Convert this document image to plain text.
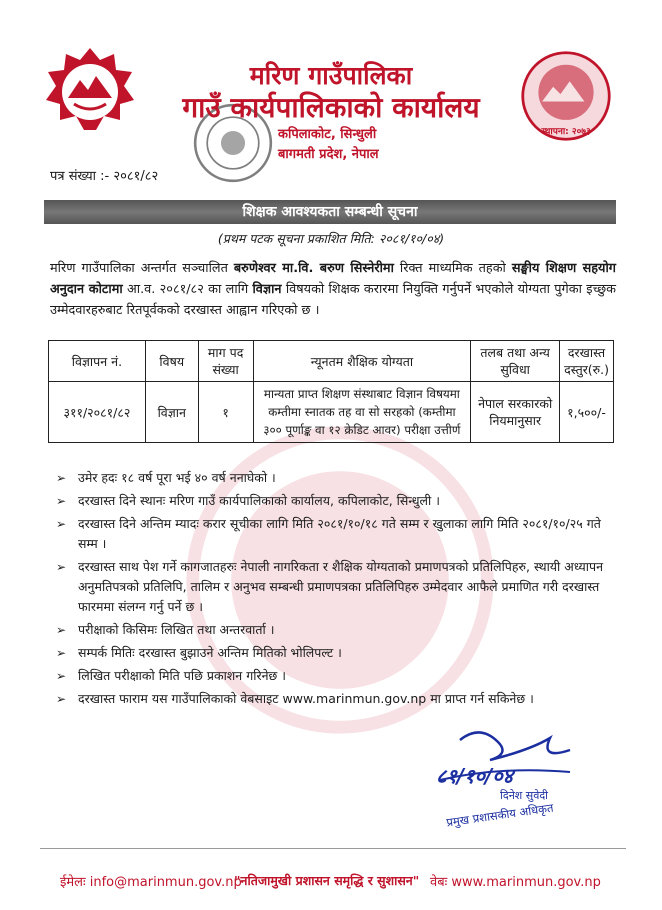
स्थापना: २०७३
मरिण गाउँपालिका
गाउँ कार्यपालिकाको कार्यालय
कपिलाकोट, सिन्धुली
बागमती प्रदेश, नेपाल
पत्र संख्या :- २०८१/८२
शिक्षक आवश्यकता सम्बन्धी सूचना
(प्रथम पटक सूचना प्रकाशित मिति: २०८१/१०/०४)
मरिण गाउँपालिका अन्तर्गत सञ्चालित बरुणेश्वर मा.वि. बरुण सिस्नेरीमा रिक्त माध्यमिक तहको सङ्घीय शिक्षण सहयोग अनुदान कोटामा आ.व. २०८१/८२ का लागि विज्ञान विषयको शिक्षक करारमा नियुक्ति गर्नुपर्ने भएकोले योग्यता पुगेका इच्छुक उम्मेदवारहरुबाट रितपूर्वकको दरखास्त आह्वान गरिएको छ ।
विज्ञापन नं.	विषय	माग पद संख्या	न्यूनतम शैक्षिक योग्यता	तलब तथा अन्य सुविधा	दरखास्त दस्तुर(रु.)
३११/२०८१/८२	विज्ञान	१	मान्यता प्राप्त शिक्षण संस्थाबाट विज्ञान विषयमा कम्तीमा स्नातक तह वा सो सरहको (कम्तीमा ३०० पूर्णाङ्क वा १२ क्रेडिट आवर) परीक्षा उत्तीर्ण	नेपाल सरकारको नियमानुसार	१,५००/-
➢ उमेर हदः १८ वर्ष पूरा भई ४० वर्ष ननाघेको ।
➢ दरखास्त दिने स्थानः मरिण गाउँ कार्यपालिकाको कार्यालय, कपिलाकोट, सिन्धुली ।
➢ दरखास्त दिने अन्तिम म्यादः करार सूचीका लागि मिति २०८१/१०/१८ गते सम्म र खुलाका लागि मिति २०८१/१०/२५ गते सम्म ।
➢ दरखास्त साथ पेश गर्ने कागजातहरुः नेपाली नागरिकता र शैक्षिक योग्यताको प्रमाणपत्रको प्रतिलिपिहरु, स्थायी अध्यापन अनुमतिपत्रको प्रतिलिपि, तालिम र अनुभव सम्बन्धी प्रमाणपत्रका प्रतिलिपिहरु उम्मेदवार आफैले प्रमाणित गरी दरखास्त फारममा संलग्न गर्नु पर्ने छ ।
➢ परीक्षाको किसिमः लिखित तथा अन्तरवार्ता ।
➢ सम्पर्क मितिः दरखास्त बुझाउने अन्तिम मितिको भोलिपल्ट ।
➢ लिखित परीक्षाको मिति पछि प्रकाशन गरिनेछ ।
➢ दरखास्त फाराम यस गाउँपालिकाको वेबसाइट www.marinmun.gov.np मा प्राप्त गर्न सकिनेछ ।
८१/१०/०४
दिनेश सुवेदी
प्रमुख प्रशासकीय अधिकृत
ईमेलः info@marinmun.gov.np
"नतिजामुखी प्रशासन समृद्धि र सुशासन" वेबः www.marinmun.gov.np
